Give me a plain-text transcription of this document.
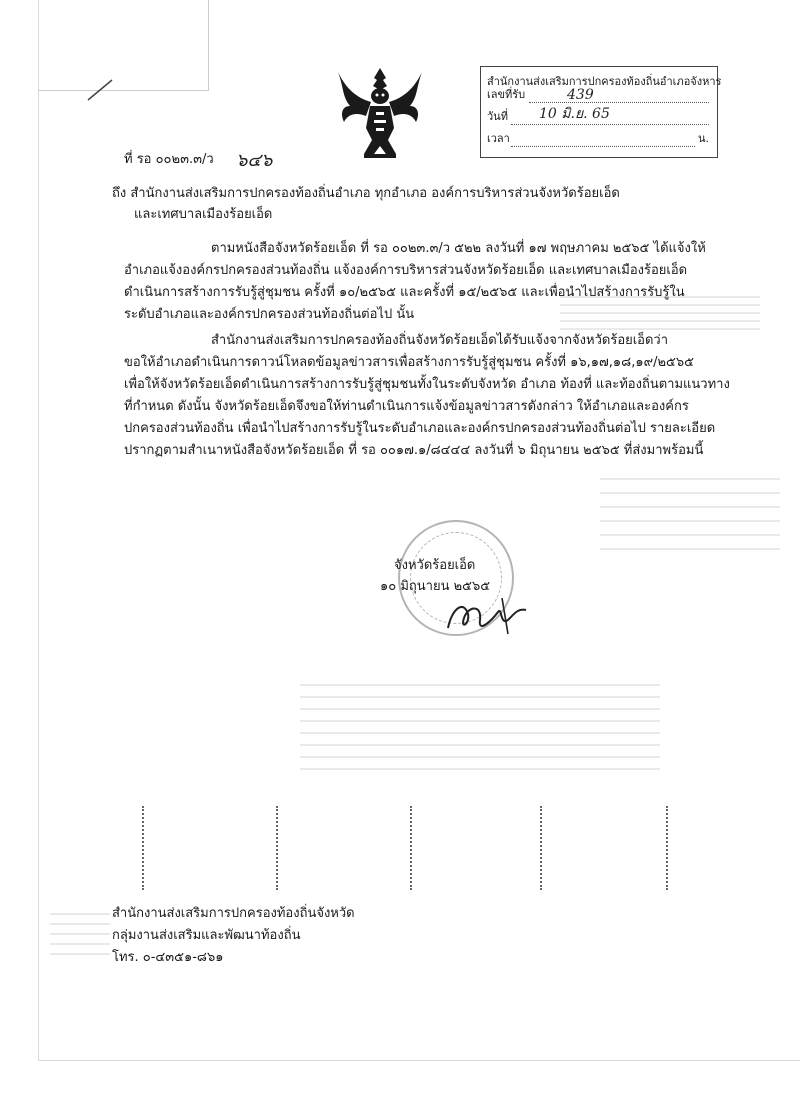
สำนักงานส่งเสริมการปกครองท้องถิ่นอำเภอจังหาร
เลขที่รับ	439
วันที่ 10 มิ.ย. 65
เวลา	น.
ที่ รอ ๐๐๒๓.๓/ว ๖๔๖
ถึง สำนักงานส่งเสริมการปกครองท้องถิ่นอำเภอ ทุกอำเภอ องค์การบริหารส่วนจังหวัดร้อยเอ็ด
และเทศบาลเมืองร้อยเอ็ด
ตามหนังสือจังหวัดร้อยเอ็ด ที่ รอ ๐๐๒๓.๓/ว ๕๒๒ ลงวันที่ ๑๗ พฤษภาคม ๒๕๖๕ ได้แจ้งให้
อำเภอแจ้งองค์กรปกครองส่วนท้องถิ่น แจ้งองค์การบริหารส่วนจังหวัดร้อยเอ็ด และเทศบาลเมืองร้อยเอ็ด
ดำเนินการสร้างการรับรู้สู่ชุมชน ครั้งที่ ๑๐/๒๕๖๕ และครั้งที่ ๑๕/๒๕๖๕ และเพื่อนำไปสร้างการรับรู้ใน
ระดับอำเภอและองค์กรปกครองส่วนท้องถิ่นต่อไป นั้น
สำนักงานส่งเสริมการปกครองท้องถิ่นจังหวัดร้อยเอ็ดได้รับแจ้งจากจังหวัดร้อยเอ็ดว่า
ขอให้อำเภอดำเนินการดาวน์โหลดข้อมูลข่าวสารเพื่อสร้างการรับรู้สู่ชุมชน ครั้งที่ ๑๖,๑๗,๑๘,๑๙/๒๕๖๕
เพื่อให้จังหวัดร้อยเอ็ดดำเนินการสร้างการรับรู้สู่ชุมชนทั้งในระดับจังหวัด อำเภอ ท้องที่ และท้องถิ่นตามแนวทาง
ที่กำหนด ดังนั้น จังหวัดร้อยเอ็ดจึงขอให้ท่านดำเนินการแจ้งข้อมูลข่าวสารดังกล่าว ให้อำเภอและองค์กร
ปกครองส่วนท้องถิ่น เพื่อนำไปสร้างการรับรู้ในระดับอำเภอและองค์กรปกครองส่วนท้องถิ่นต่อไป รายละเอียด
ปรากฏตามสำเนาหนังสือจังหวัดร้อยเอ็ด ที่ รอ ๐๐๑๗.๑/๘๔๔๔ ลงวันที่ ๖ มิถุนายน ๒๕๖๕ ที่ส่งมาพร้อมนี้
จังหวัดร้อยเอ็ด
๑๐ มิถุนายน ๒๕๖๕
สำนักงานส่งเสริมการปกครองท้องถิ่นจังหวัด
กลุ่มงานส่งเสริมและพัฒนาท้องถิ่น
โทร. ๐-๔๓๕๑-๘๖๑
